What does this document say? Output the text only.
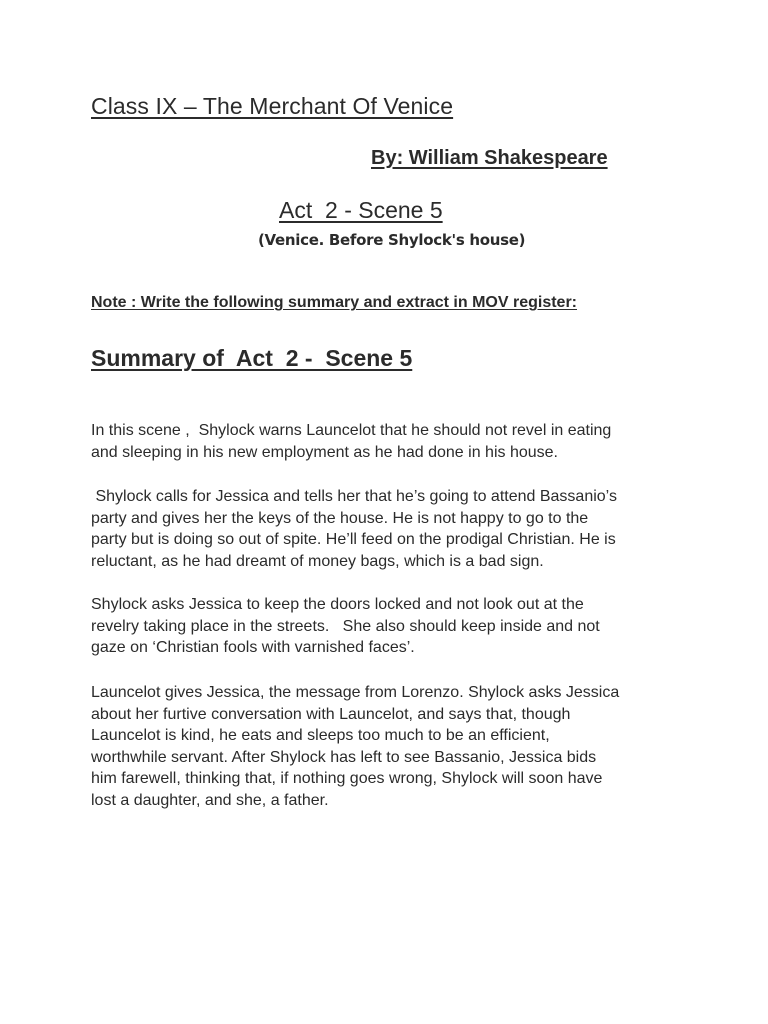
Class IX – The Merchant Of Venice
By: William Shakespeare
Act  2 - Scene 5
(Venice. Before Shylock's house)
Note : Write the following summary and extract in MOV register:
Summary of  Act  2 -  Scene 5
In this scene ,  Shylock warns Launcelot that he should not revel in eating
and sleeping in his new employment as he had done in his house.
Shylock calls for Jessica and tells her that he’s going to attend Bassanio’s
party and gives her the keys of the house. He is not happy to go to the
party but is doing so out of spite. He’ll feed on the prodigal Christian. He is
reluctant, as he had dreamt of money bags, which is a bad sign.
Shylock asks Jessica to keep the doors locked and not look out at the
revelry taking place in the streets.   She also should keep inside and not
gaze on ‘Christian fools with varnished faces’.
Launcelot gives Jessica, the message from Lorenzo. Shylock asks Jessica
about her furtive conversation with Launcelot, and says that, though
Launcelot is kind, he eats and sleeps too much to be an efficient,
worthwhile servant. After Shylock has left to see Bassanio, Jessica bids
him farewell, thinking that, if nothing goes wrong, Shylock will soon have
lost a daughter, and she, a father.
